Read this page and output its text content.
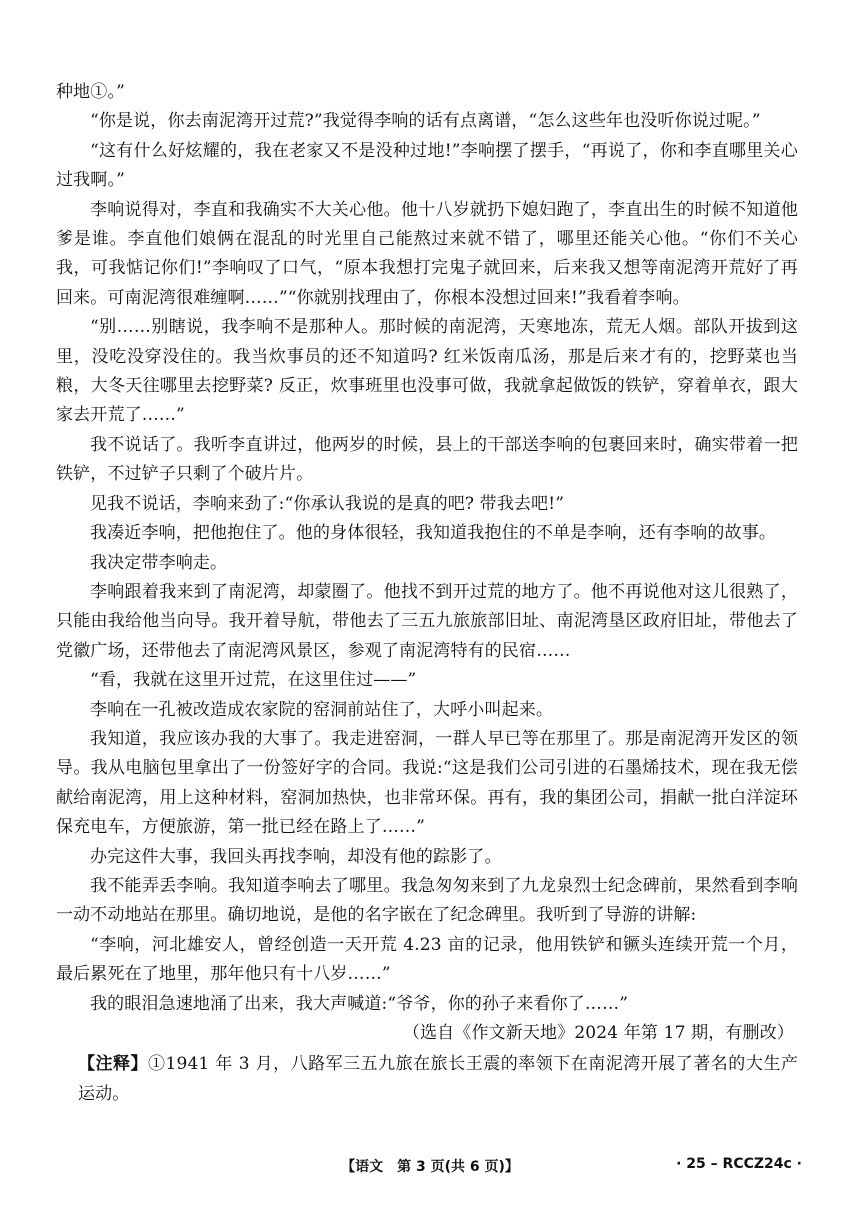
种地①。”

“你是说，你去南泥湾开过荒?”我觉得李响的话有点离谱，“怎么这些年也没听你说过呢。”

“这有什么好炫耀的，我在老家又不是没种过地!”李响摆了摆手，“再说了，你和李直哪里关心过我啊。”

李响说得对，李直和我确实不大关心他。他十八岁就扔下媳妇跑了，李直出生的时候不知道他爹是谁。李直他们娘俩在混乱的时光里自己能熬过来就不错了，哪里还能关心他。“你们不关心我，可我惦记你们!”李响叹了口气，“原本我想打完鬼子就回来，后来我又想等南泥湾开荒好了再回来。可南泥湾很难缠啊……”“你就别找理由了，你根本没想过回来!”我看着李响。

“别……别瞎说，我李响不是那种人。那时候的南泥湾，天寒地冻，荒无人烟。部队开拔到这里，没吃没穿没住的。我当炊事员的还不知道吗? 红米饭南瓜汤，那是后来才有的，挖野菜也当粮，大冬天往哪里去挖野菜? 反正，炊事班里也没事可做，我就拿起做饭的铁铲，穿着单衣，跟大家去开荒了……”

我不说话了。我听李直讲过，他两岁的时候，县上的干部送李响的包裹回来时，确实带着一把铁铲，不过铲子只剩了个破片片。

见我不说话，李响来劲了:“你承认我说的是真的吧? 带我去吧!”

我凑近李响，把他抱住了。他的身体很轻，我知道我抱住的不单是李响，还有李响的故事。

我决定带李响走。

李响跟着我来到了南泥湾，却蒙圈了。他找不到开过荒的地方了。他不再说他对这儿很熟了，只能由我给他当向导。我开着导航，带他去了三五九旅旅部旧址、南泥湾垦区政府旧址，带他去了党徽广场，还带他去了南泥湾风景区，参观了南泥湾特有的民宿……

“看，我就在这里开过荒，在这里住过——”

李响在一孔被改造成农家院的窑洞前站住了，大呼小叫起来。

我知道，我应该办我的大事了。我走进窑洞，一群人早已等在那里了。那是南泥湾开发区的领导。我从电脑包里拿出了一份签好字的合同。我说:“这是我们公司引进的石墨烯技术，现在我无偿献给南泥湾，用上这种材料，窑洞加热快，也非常环保。再有，我的集团公司，捐献一批白洋淀环保充电车，方便旅游，第一批已经在路上了……”

办完这件大事，我回头再找李响，却没有他的踪影了。

我不能弄丢李响。我知道李响去了哪里。我急匆匆来到了九龙泉烈士纪念碑前，果然看到李响一动不动地站在那里。确切地说，是他的名字嵌在了纪念碑里。我听到了导游的讲解:

“李响，河北雄安人，曾经创造一天开荒 4.23 亩的记录，他用铁铲和镢头连续开荒一个月，最后累死在了地里，那年他只有十八岁……”

我的眼泪急速地涌了出来，我大声喊道:“爷爷，你的孙子来看你了……”

（选自《作文新天地》2024 年第 17 期，有删改）

【注释】①1941 年 3 月，八路军三五九旅在旅长王震的率领下在南泥湾开展了著名的大生产运动。

【语文　第 3 页(共 6 页)】	· 25 – RCCZ24c ·
